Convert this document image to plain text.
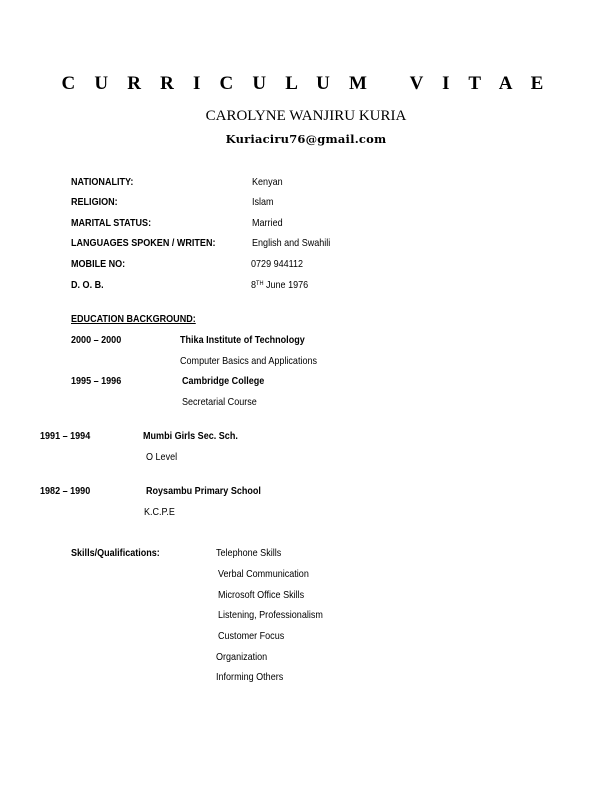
C U R R I C U L U M   V I T A E
CAROLYNE WANJIRU KURIA
Kuriaciru76@gmail.com
NATIONALITY:	Kenyan
RELIGION:	Islam
MARITAL STATUS:	Married
LANGUAGES SPOKEN / WRITEN:	English and Swahili
MOBILE NO:	0729 944112
D. O. B.	8TH June 1976
EDUCATION BACKGROUND:
2000 – 2000	Thika Institute of Technology
Computer Basics and Applications
1995 – 1996	Cambridge College
Secretarial Course
1991 – 1994	Mumbi Girls Sec. Sch.
O Level
1982 – 1990	Roysambu Primary School
K.C.P.E
Skills/Qualifications:	Telephone Skills
Verbal Communication
Microsoft Office Skills
Listening, Professionalism
Customer Focus
Organization
Informing Others
